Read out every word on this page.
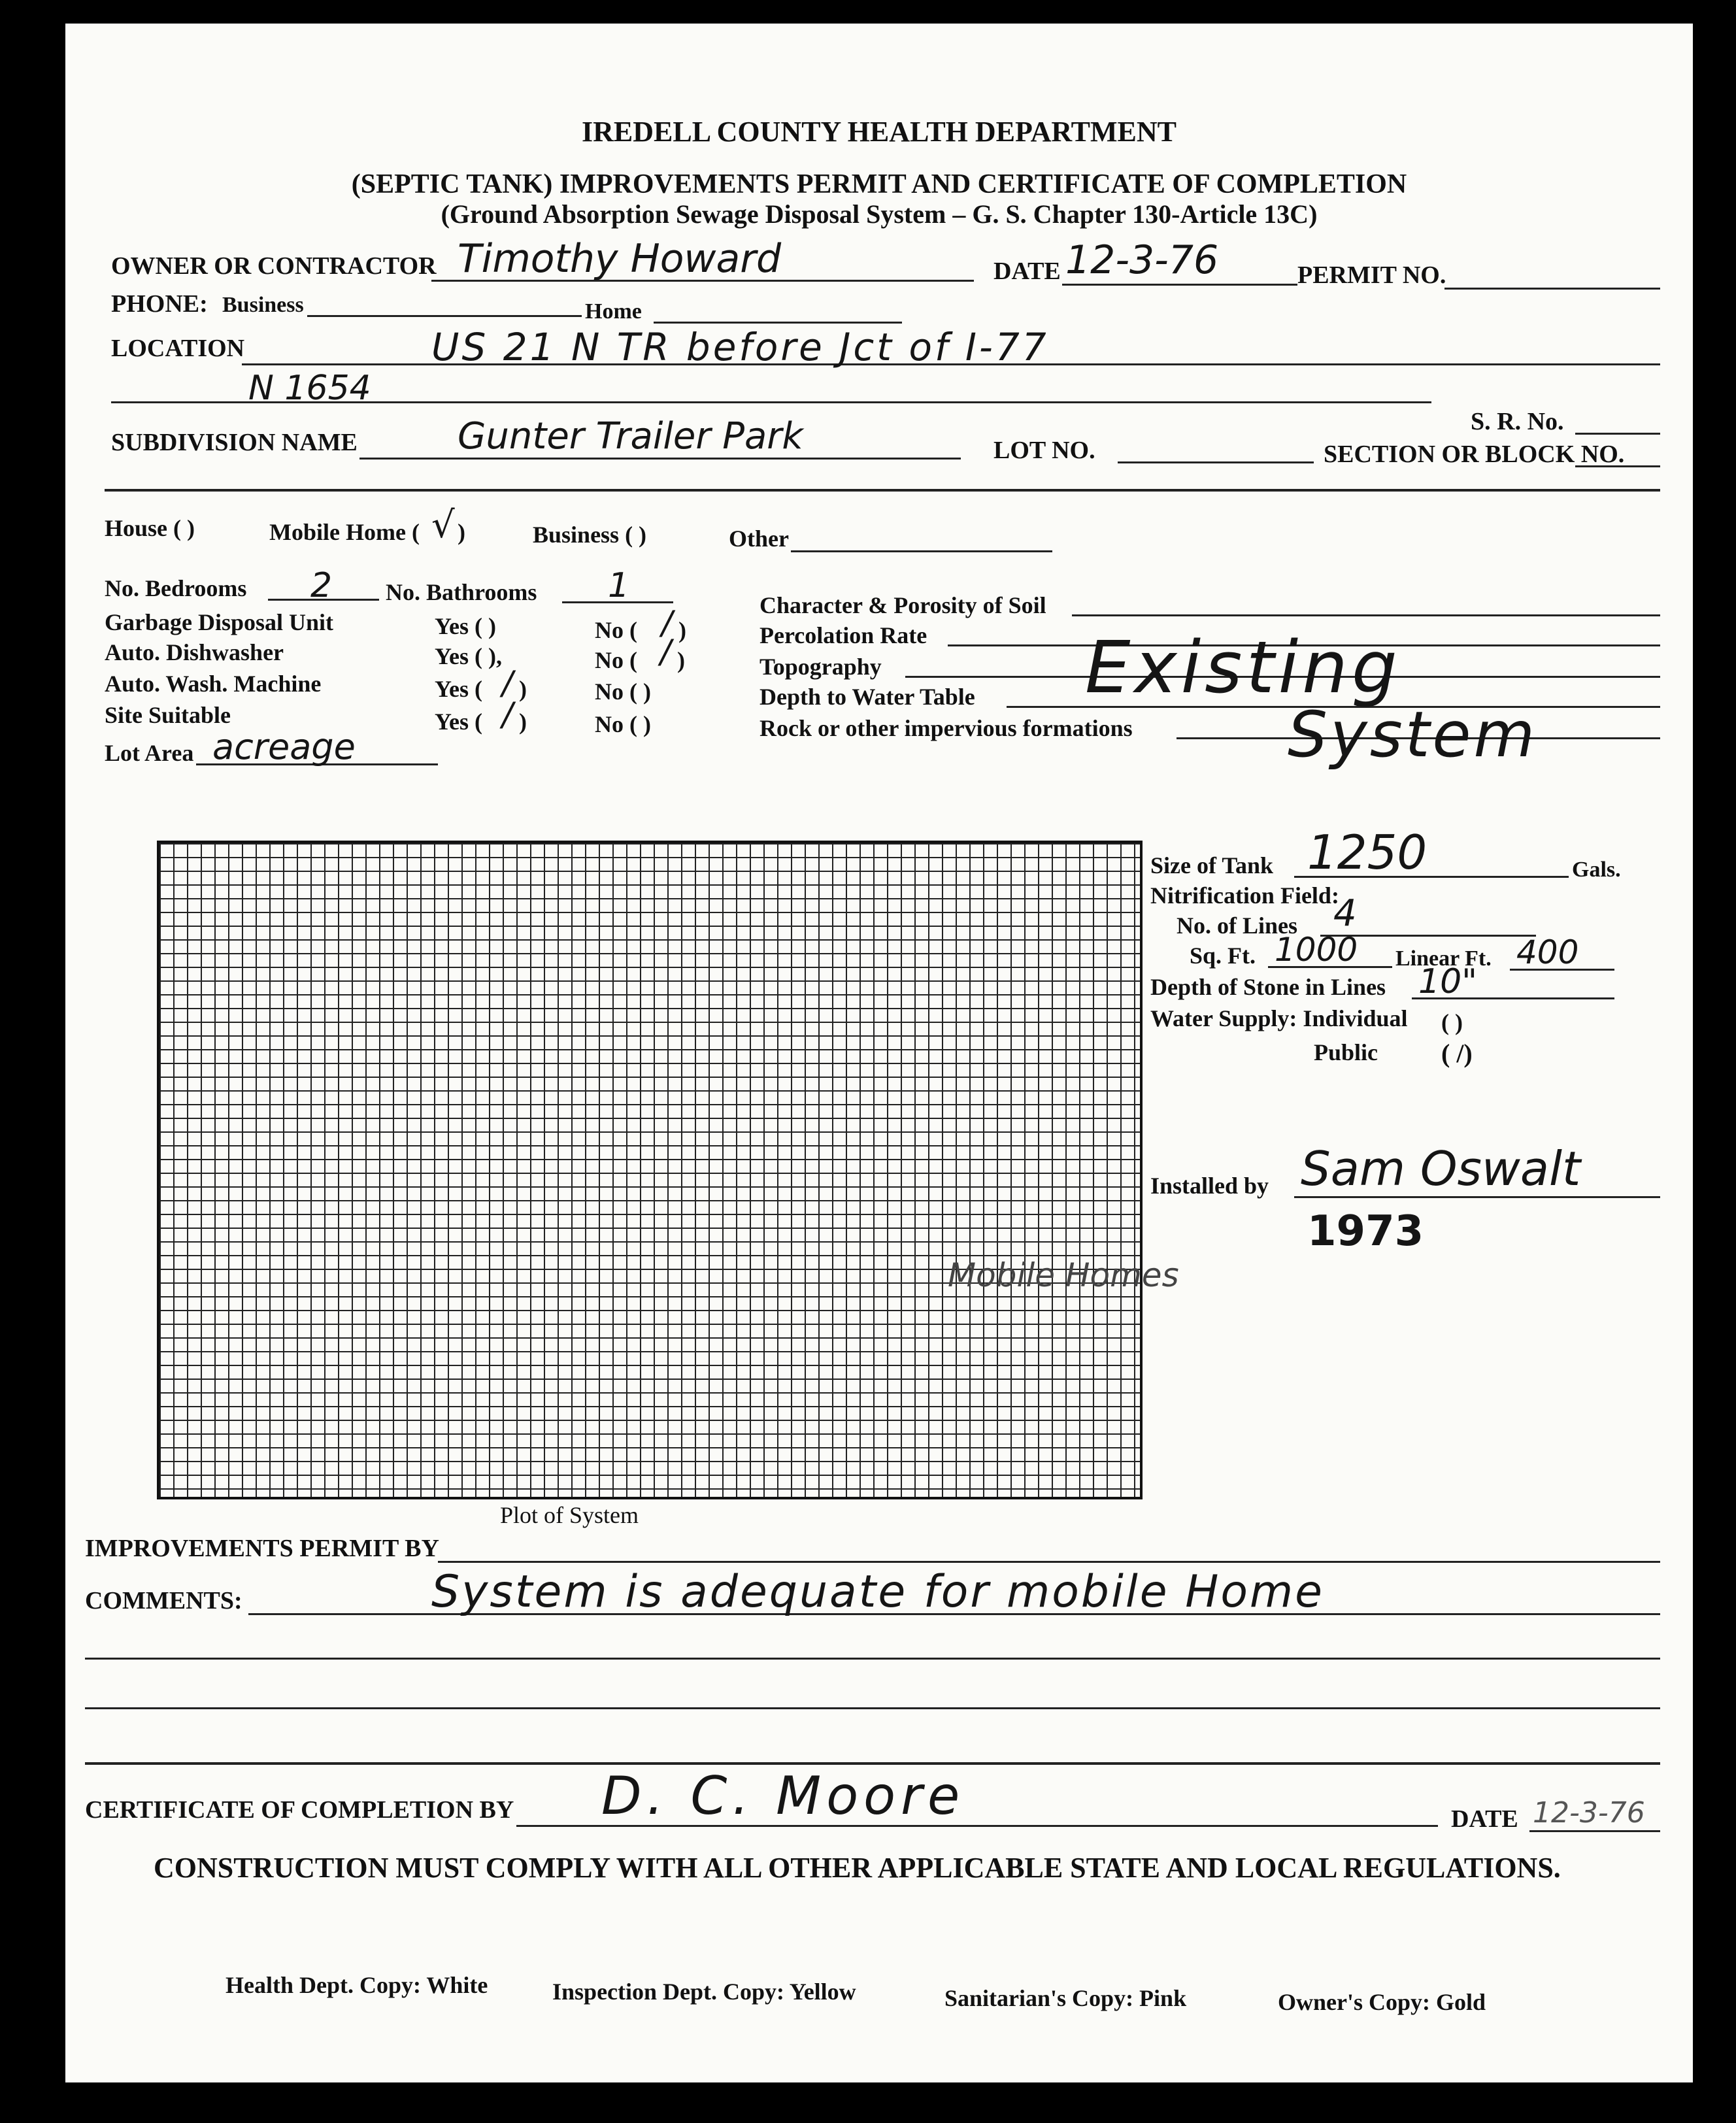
IREDELL COUNTY HEALTH DEPARTMENT
(SEPTIC TANK) IMPROVEMENTS PERMIT AND CERTIFICATE OF COMPLETION
(Ground Absorption Sewage Disposal System – G. S. Chapter 130-Article 13C)
OWNER OR CONTRACTOR Timothy Howard	DATE 12-3-76	PERMIT NO.
PHONE: Business	Home
LOCATION	US 21 N TR before Jct of I-77
N 1654
S. R. No.
SUBDIVISION NAME	Gunter Trailer Park	LOT NO.	SECTION OR BLOCK NO.
House ( )	Mobile Home ( √ )	Business ( )	Other
No. Bedrooms 2 No. Bathrooms 1
Garbage Disposal Unit	Yes ( )	No ( / )
Auto. Dishwasher	Yes ( ),	No ( / )
Auto. Wash. Machine	Yes ( / )	No ( )
Site Suitable	Yes ( / )	No ( )
Lot Area acreage
Character & Porosity of Soil
Percolation Rate
Topography
Depth to Water Table
Rock or other impervious formations
Existing
System
Mobile Homes
Plot of System
Size of Tank 1250	Gals.
Nitrification Field:
No. of Lines 4
Sq. Ft. 1000 Linear Ft. 400
Depth of Stone in Lines 10"
Water Supply: Individual ( )
Public ( /)
Installed by Sam Oswalt
1973
IMPROVEMENTS PERMIT BY
COMMENTS:	System is adequate for mobile Home
CERTIFICATE OF COMPLETION BY D. C. Moore	DATE 12-3-76
CONSTRUCTION MUST COMPLY WITH ALL OTHER APPLICABLE STATE AND LOCAL REGULATIONS.
Health Dept. Copy: White	Inspection Dept. Copy: Yellow	Sanitarian's Copy: Pink	Owner's Copy: Gold
